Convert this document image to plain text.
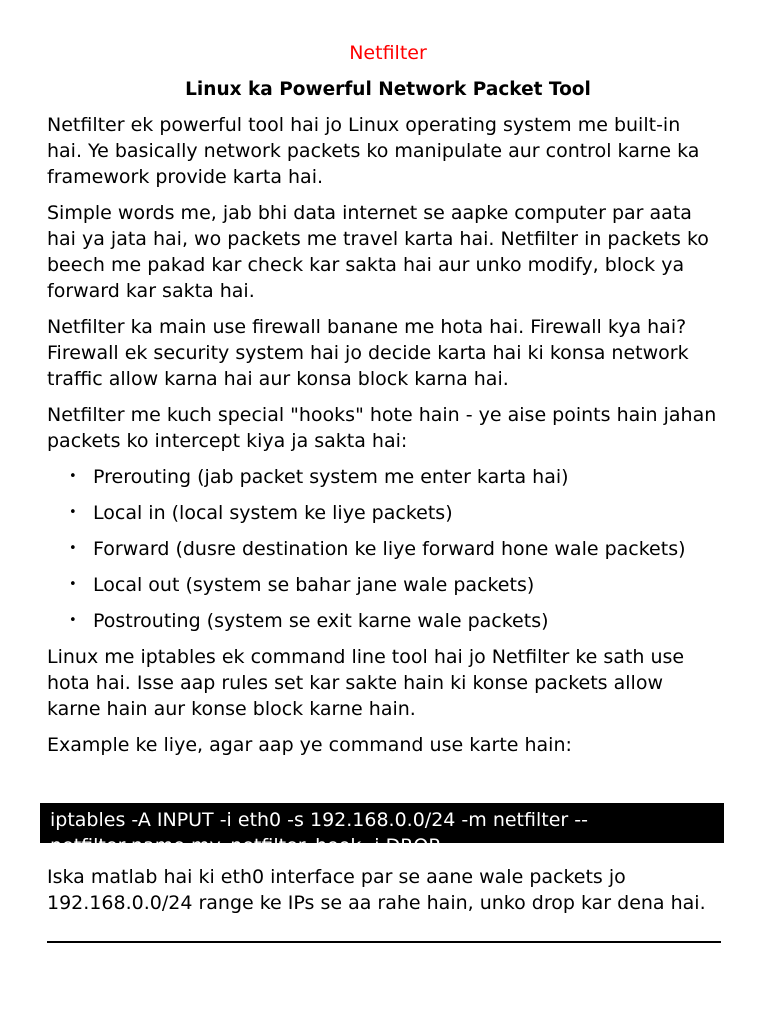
Netfilter
Linux ka Powerful Network Packet Tool

Netfilter ek powerful tool hai jo Linux operating system me built-in hai. Ye basically network packets ko manipulate aur control karne ka framework provide karta hai.

Simple words me, jab bhi data internet se aapke computer par aata hai ya jata hai, wo packets me travel karta hai. Netfilter in packets ko beech me pakad kar check kar sakta hai aur unko modify, block ya forward kar sakta hai.

Netfilter ka main use firewall banane me hota hai. Firewall kya hai? Firewall ek security system hai jo decide karta hai ki konsa network traffic allow karna hai aur konsa block karna hai.

Netfilter me kuch special "hooks" hote hain - ye aise points hain jahan packets ko intercept kiya ja sakta hai:

• Prerouting (jab packet system me enter karta hai)
• Local in (local system ke liye packets)
• Forward (dusre destination ke liye forward hone wale packets)
• Local out (system se bahar jane wale packets)
• Postrouting (system se exit karne wale packets)

Linux me iptables ek command line tool hai jo Netfilter ke sath use hota hai. Isse aap rules set kar sakte hain ki konse packets allow karne hain aur konse block karne hain.

Example ke liye, agar aap ye command use karte hain:

iptables -A INPUT -i eth0 -s 192.168.0.0/24 -m netfilter --
netfilter-name my_netfilter_hook -j DROP

Iska matlab hai ki eth0 interface par se aane wale packets jo 192.168.0.0/24 range ke IPs se aa rahe hain, unko drop kar dena hai.
